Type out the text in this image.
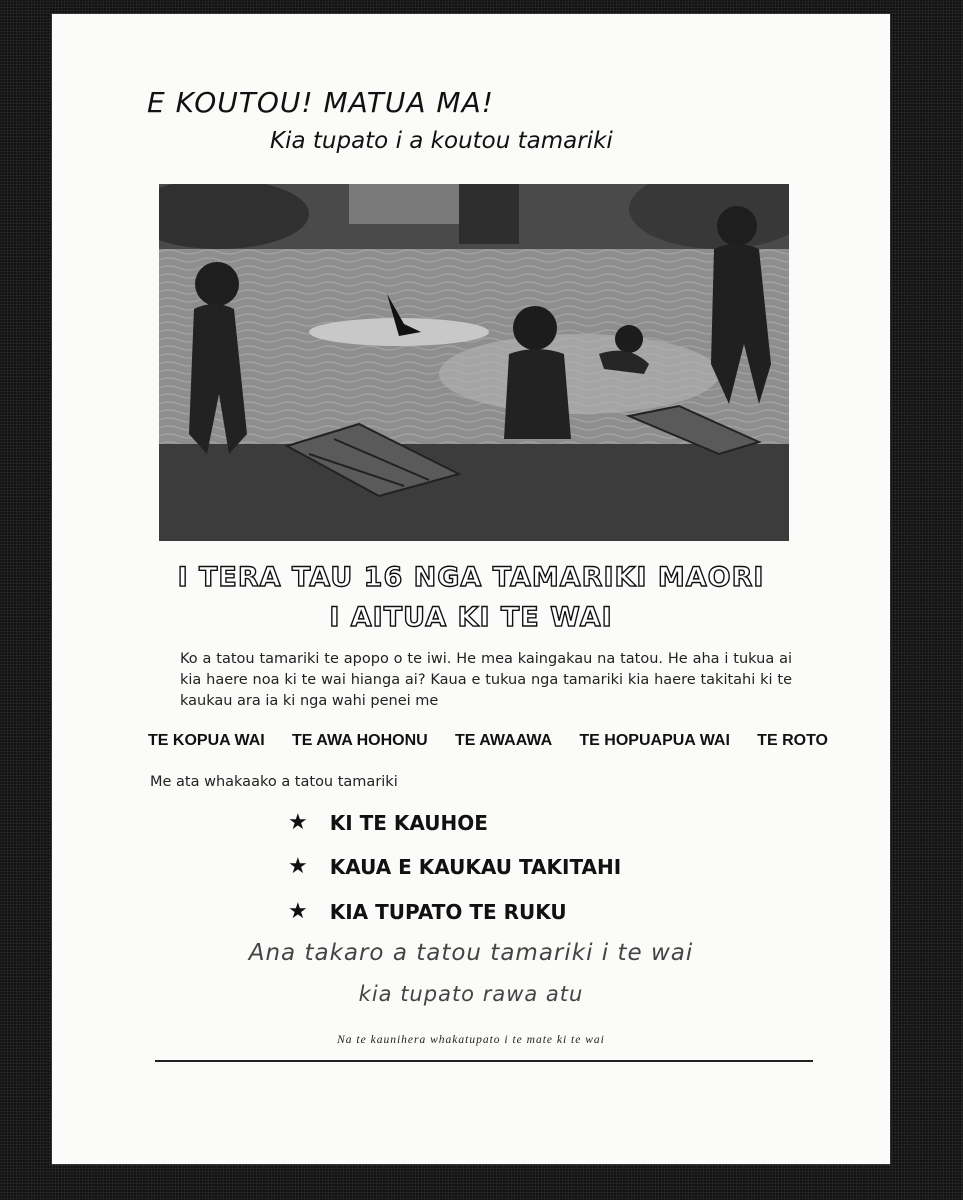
E KOUTOU! MATUA MA!
Kia tupato i a koutou tamariki
I TERA TAU 16 NGA TAMARIKI MAORI
I AITUA KI TE WAI
Ko a tatou tamariki te apopo o te iwi. He mea kaingakau na tatou. He aha i tukua ai kia haere noa ki te wai hianga ai? Kaua e tukua nga tamariki kia haere takitahi ki te kaukau ara ia ki nga wahi penei me
TE KOPUA WAI TE AWA HOHONU TE AWAAWA TE HOPUAPUA WAI TE ROTO
Me ata whakaako a tatou tamariki
★ KI TE KAUHOE
★ KAUA E KAUKAU TAKITAHI
★ KIA TUPATO TE RUKU
Ana takaro a tatou tamariki i te wai
kia tupato rawa atu
Na te kaunihera whakatupato i te mate ki te wai
